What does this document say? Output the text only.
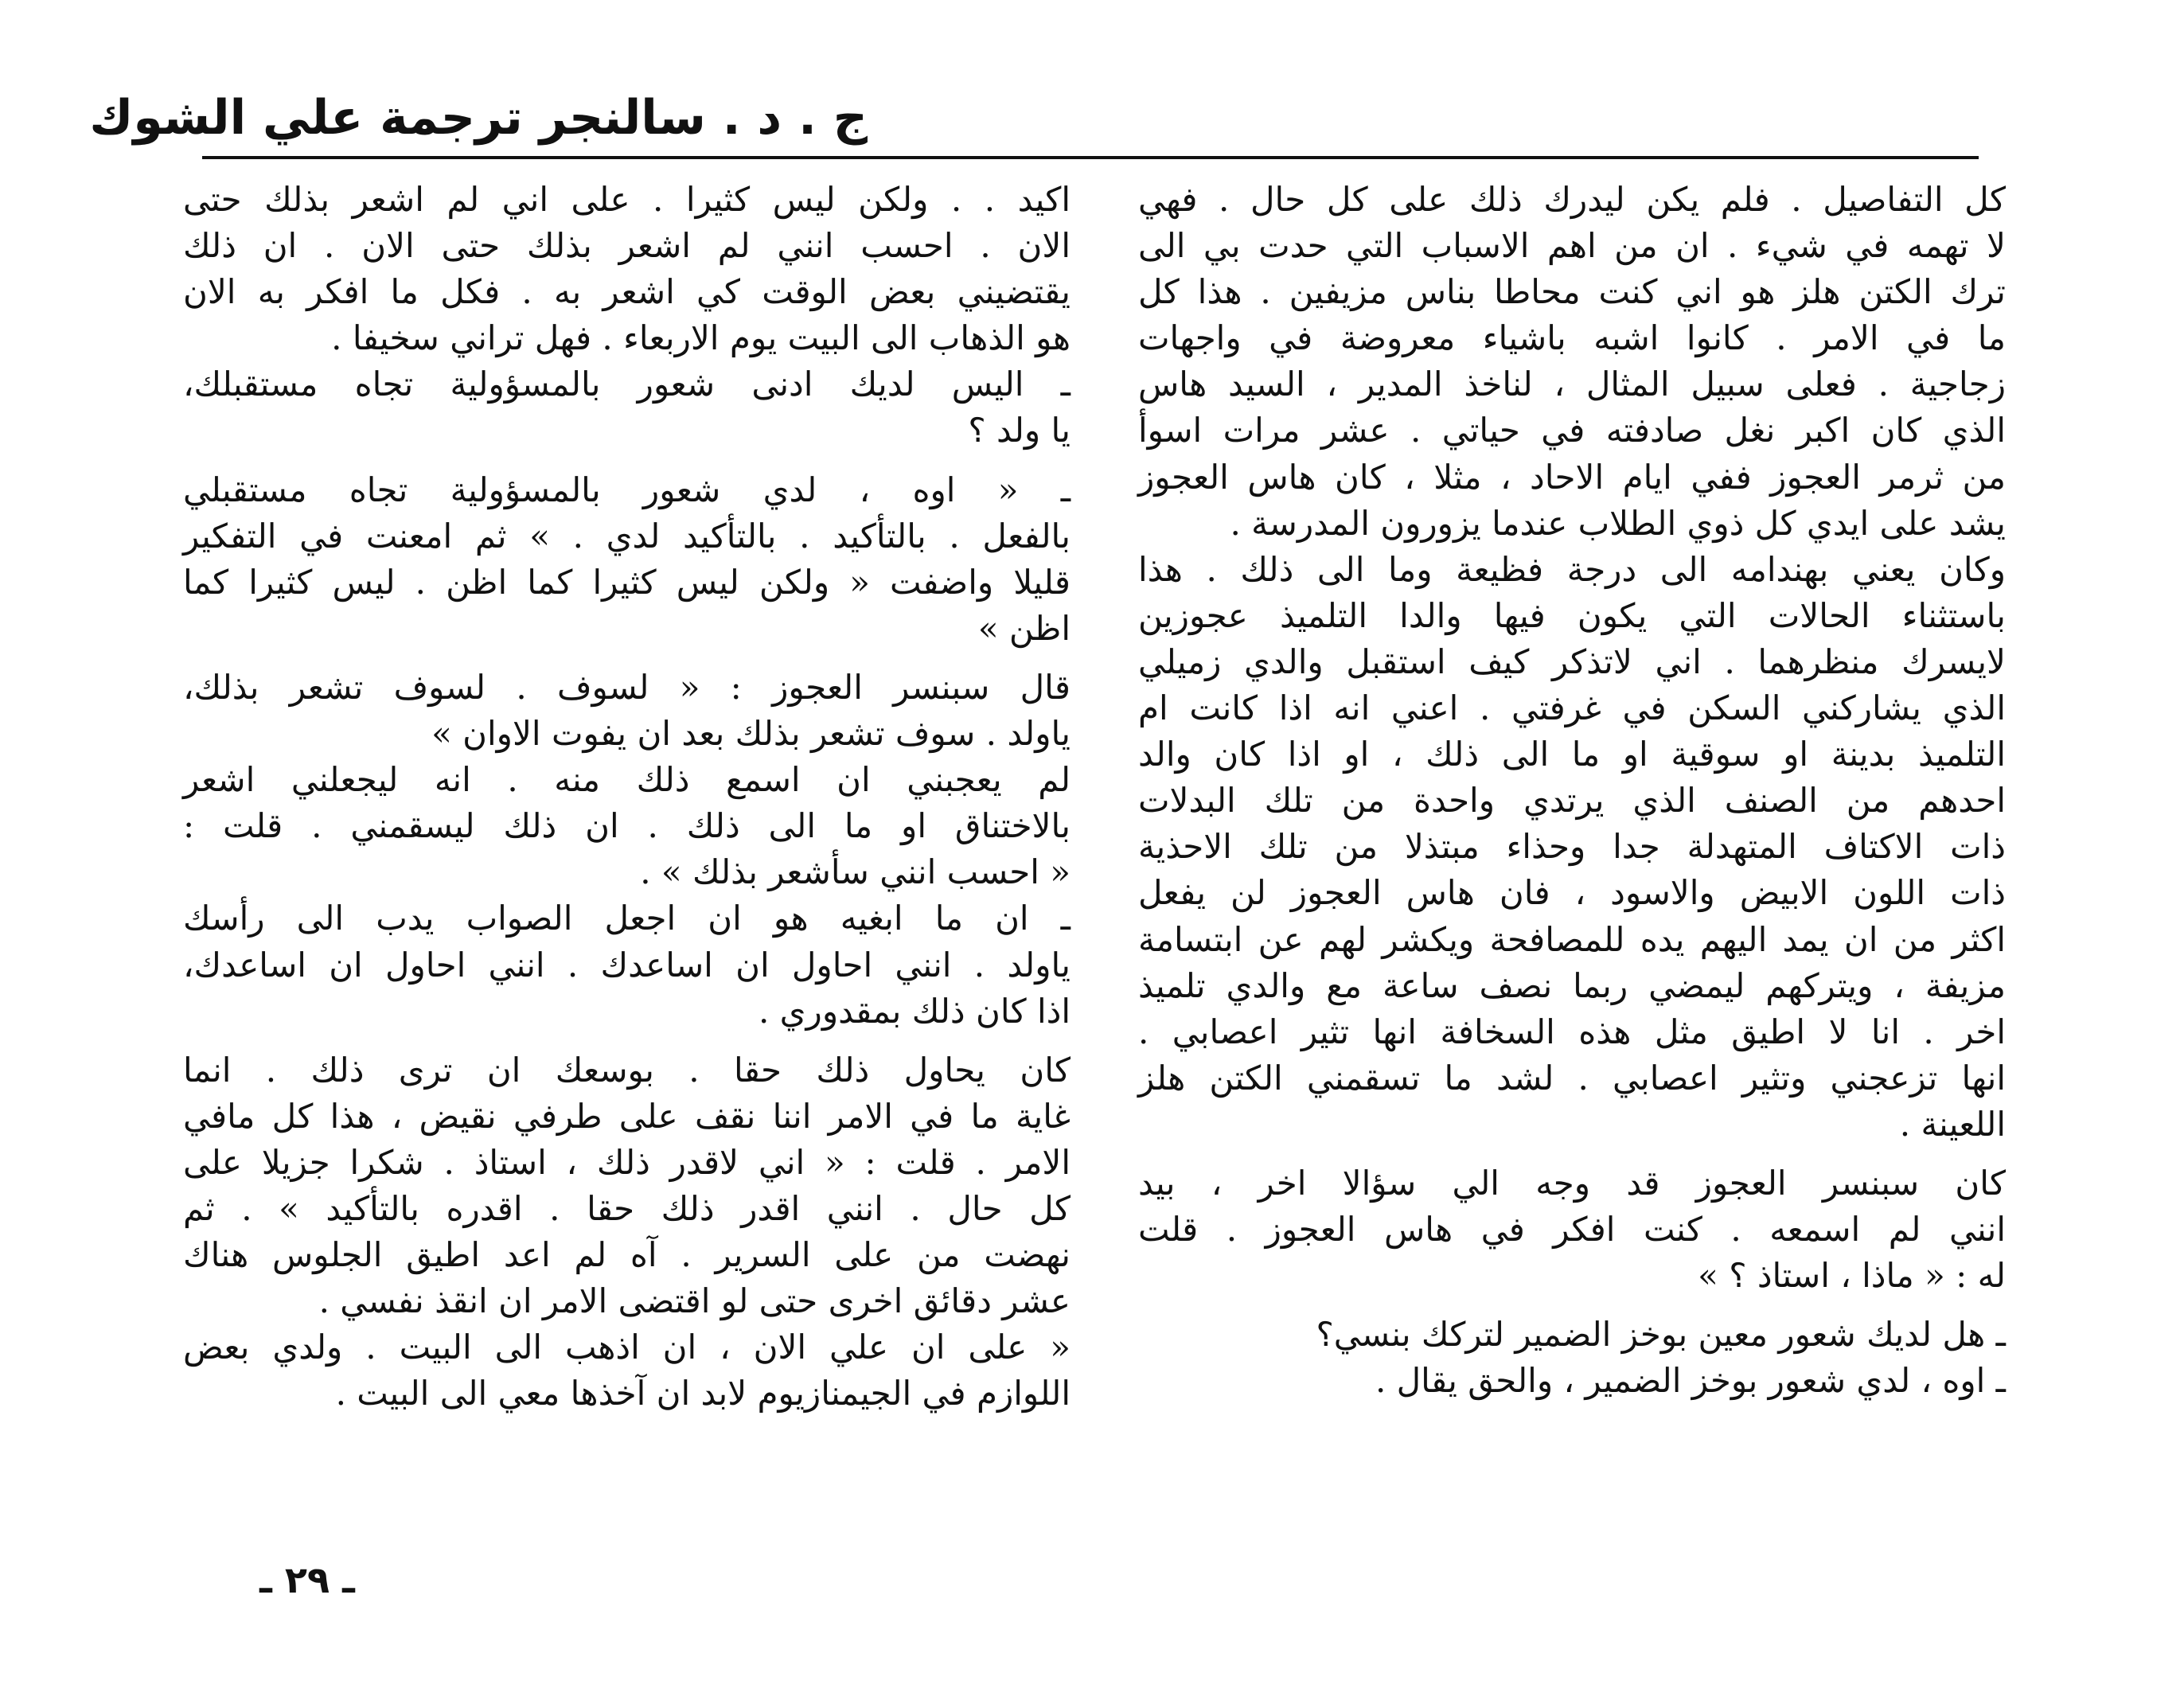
ج . د . سالنجر ترجمة علي الشوك
كل التفاصيل . فلم يكن ليدرك ذلك على كل حال . فهي
لا تهمه في شيء . ان من اهم الاسباب التي حدت بي الى
ترك الكتن هلز هو اني كنت محاطا بناس مزيفين . هذا كل
ما في الامر . كانوا اشبه باشياء معروضة في واجهات
زجاجية . فعلى سبيل المثال ، لناخذ المدير ، السيد هاس
الذي كان اكبر نغل صادفته في حياتي . عشر مرات اسوأ
من ثرمر العجوز ففي ايام الاحاد ، مثلا ، كان هاس العجوز
يشد على ايدي كل ذوي الطلاب عندما يزورون المدرسة .
وكان يعني بهندامه الى درجة فظيعة وما الى ذلك . هذا
باستثناء الحالات التي يكون فيها والدا التلميذ عجوزين
لايسرك منظرهما . اني لاتذكر كيف استقبل والدي زميلي
الذي يشاركني السكن في غرفتي . اعني انه اذا كانت ام
التلميذ بدينة او سوقية او ما الى ذلك ، او اذا كان والد
احدهم من الصنف الذي يرتدي واحدة من تلك البدلات
ذات الاكتاف المتهدلة جدا وحذاء مبتذلا من تلك الاحذية
ذات اللون الابيض والاسود ، فان هاس العجوز لن يفعل
اكثر من ان يمد اليهم يده للمصافحة ويكشر لهم عن ابتسامة
مزيفة ، ويتركهم ليمضي ربما نصف ساعة مع والدي تلميذ
اخر . انا لا اطيق مثل هذه السخافة انها تثير اعصابي .
انها تزعجني وتثير اعصابي . لشد ما تسقمني الكتن هلز
اللعينة .
كان سبنسر العجوز قد وجه الي سؤالا اخر ، بيد
انني لم اسمعه . كنت افكر في هاس العجوز . قلت
له : « ماذا ، استاذ ؟ »
ـ هل لديك شعور معين بوخز الضمير لتركك بنسي؟
ـ اوه ، لدي شعور بوخز الضمير ، والحق يقال .
اكيد . . ولكن ليس كثيرا . على اني لم اشعر بذلك حتى
الان . احسب انني لم اشعر بذلك حتى الان . ان ذلك
يقتضيني بعض الوقت كي اشعر به . فكل ما افكر به الان
هو الذهاب الى البيت يوم الاربعاء . فهل تراني سخيفا .
ـ اليس لديك ادنى شعور بالمسؤولية تجاه مستقبلك،
يا ولد ؟
ـ « اوه ، لدي شعور بالمسؤولية تجاه مستقبلي
بالفعل . بالتأكيد . بالتأكيد لدي . » ثم امعنت في التفكير
قليلا واضفت « ولكن ليس كثيرا كما اظن . ليس كثيرا كما
اظن »
قال سبنسر العجوز : « لسوف . لسوف تشعر بذلك،
ياولد . سوف تشعر بذلك بعد ان يفوت الاوان »
لم يعجبني ان اسمع ذلك منه . انه ليجعلني اشعر
بالاختناق او ما الى ذلك . ان ذلك ليسقمني . قلت :
« احسب انني سأشعر بذلك » .
ـ ان ما ابغيه هو ان اجعل الصواب يدب الى رأسك
ياولد . انني احاول ان اساعدك . انني احاول ان اساعدك،
اذا كان ذلك بمقدوري .
كان يحاول ذلك حقا . بوسعك ان ترى ذلك . انما
غاية ما في الامر اننا نقف على طرفي نقيض ، هذا كل مافي
الامر . قلت : « اني لاقدر ذلك ، استاذ . شكرا جزيلا على
كل حال . انني اقدر ذلك حقا . اقدره بالتأكيد » . ثم
نهضت من على السرير . آه لم اعد اطيق الجلوس هناك
عشر دقائق اخرى حتى لو اقتضى الامر ان انقذ نفسي .
« على ان علي الان ، ان اذهب الى البيت . ولدي بعض
اللوازم في الجيمنازيوم لابد ان آخذها معي الى البيت .
ـ ٢٩ ـ
